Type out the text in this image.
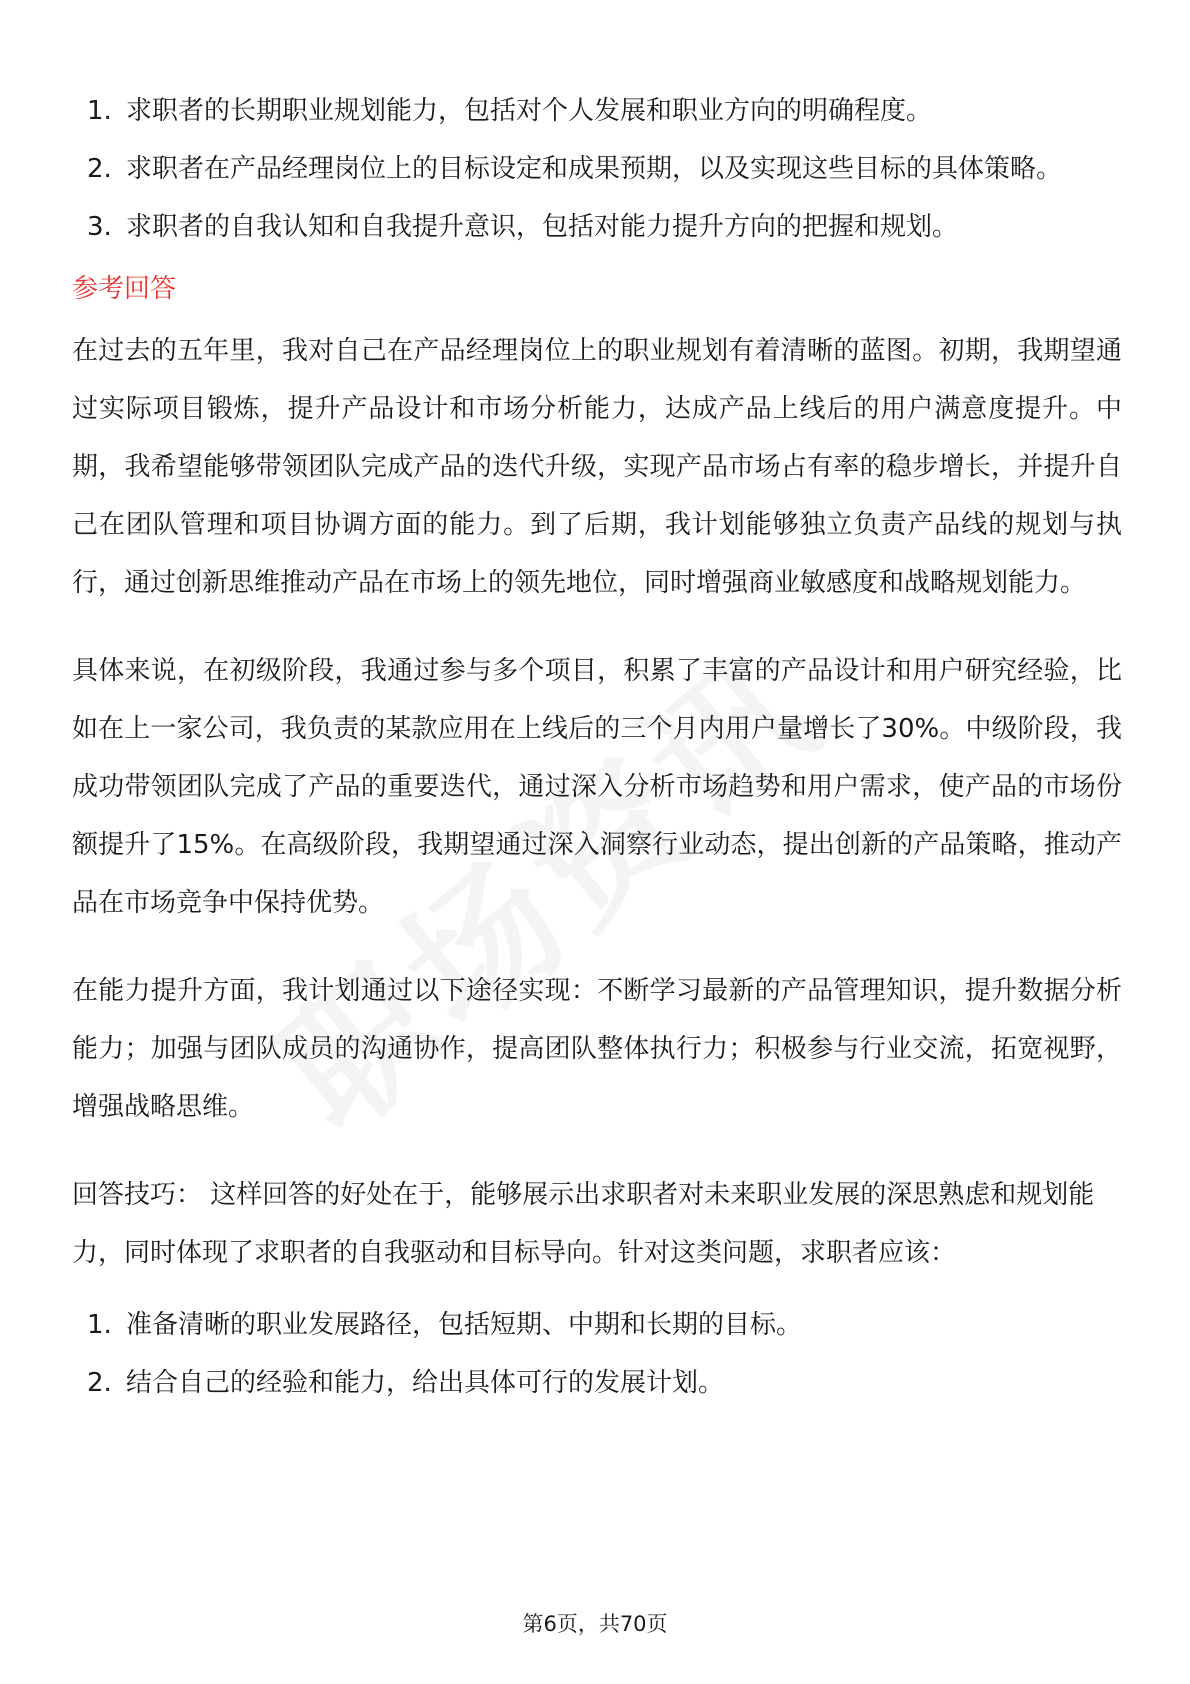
1. 求职者的长期职业规划能力，包括对个人发展和职业方向的明确程度。
2. 求职者在产品经理岗位上的目标设定和成果预期，以及实现这些目标的具体策略。
3. 求职者的自我认知和自我提升意识，包括对能力提升方向的把握和规划。
参考回答

在过去的五年里，我对自己在产品经理岗位上的职业规划有着清晰的蓝图。初期，我期望通过实际项目锻炼，提升产品设计和市场分析能力，达成产品上线后的用户满意度提升。中期，我希望能够带领团队完成产品的迭代升级，实现产品市场占有率的稳步增长，并提升自己在团队管理和项目协调方面的能力。到了后期，我计划能够独立负责产品线的规划与执行，通过创新思维推动产品在市场上的领先地位，同时增强商业敏感度和战略规划能力。

具体来说，在初级阶段，我通过参与多个项目，积累了丰富的产品设计和用户研究经验，比如在上一家公司，我负责的某款应用在上线后的三个月内用户量增长了30%。中级阶段，我成功带领团队完成了产品的重要迭代，通过深入分析市场趋势和用户需求，使产品的市场份额提升了15%。在高级阶段，我期望通过深入洞察行业动态，提出创新的产品策略，推动产品在市场竞争中保持优势。

在能力提升方面，我计划通过以下途径实现：不断学习最新的产品管理知识，提升数据分析能力；加强与团队成员的沟通协作，提高团队整体执行力；积极参与行业交流，拓宽视野，增强战略思维。

回答技巧： 这样回答的好处在于，能够展示出求职者对未来职业发展的深思熟虑和规划能力，同时体现了求职者的自我驱动和目标导向。针对这类问题，求职者应该：

1. 准备清晰的职业发展路径，包括短期、中期和长期的目标。
2. 结合自己的经验和能力，给出具体可行的发展计划。
第6页，共70页
